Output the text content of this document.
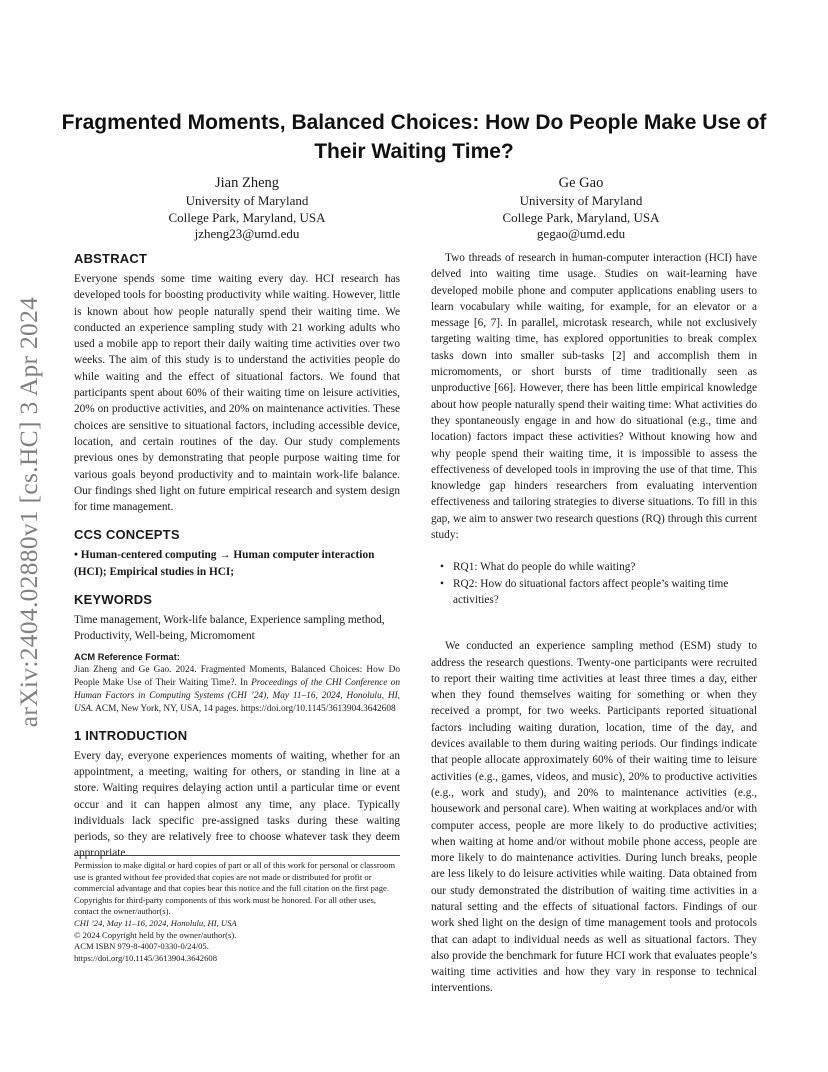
arXiv:2404.02880v1 [cs.HC] 3 Apr 2024
Fragmented Moments, Balanced Choices: How Do People Make Use of Their Waiting Time?
Jian Zheng
University of Maryland
College Park, Maryland, USA
jzheng23@umd.edu
Ge Gao
University of Maryland
College Park, Maryland, USA
gegao@umd.edu
ABSTRACT

Everyone spends some time waiting every day. HCI research has developed tools for boosting productivity while waiting. However, little is known about how people naturally spend their waiting time. We conducted an experience sampling study with 21 working adults who used a mobile app to report their daily waiting time activities over two weeks. The aim of this study is to understand the activities people do while waiting and the effect of situational factors. We found that participants spent about 60% of their waiting time on leisure activities, 20% on productive activities, and 20% on maintenance activities. These choices are sensitive to situational factors, including accessible device, location, and certain routines of the day. Our study complements previous ones by demonstrating that people purpose waiting time for various goals beyond productivity and to maintain work-life balance. Our findings shed light on future empirical research and system design for time management.

CCS CONCEPTS

• Human-centered computing → Human computer interaction (HCI); Empirical studies in HCI;

KEYWORDS

Time management, Work-life balance, Experience sampling method, Productivity, Well-being, Micromoment

ACM Reference Format:

Jian Zheng and Ge Gao. 2024. Fragmented Moments, Balanced Choices: How Do People Make Use of Their Waiting Time?. In Proceedings of the CHI Conference on Human Factors in Computing Systems (CHI ’24), May 11–16, 2024, Honolulu, HI, USA. ACM, New York, NY, USA, 14 pages. https://doi.org/10.1145/3613904.3642608

1 INTRODUCTION

Every day, everyone experiences moments of waiting, whether for an appointment, a meeting, waiting for others, or standing in line at a store. Waiting requires delaying action until a particular time or event occur and it can happen almost any time, any place. Typically individuals lack specific pre-assigned tasks during these waiting periods, so they are relatively free to choose whatever task they deem appropriate.

Permission to make digital or hard copies of part or all of this work for personal or classroom use is granted without fee provided that copies are not made or distributed for profit or commercial advantage and that copies bear this notice and the full citation on the first page. Copyrights for third-party components of this work must be honored. For all other uses, contact the owner/author(s).

CHI ’24, May 11–16, 2024, Honolulu, HI, USA

© 2024 Copyright held by the owner/author(s).

ACM ISBN 979-8-4007-0330-0/24/05.

https://doi.org/10.1145/3613904.3642608

Two threads of research in human-computer interaction (HCI) have delved into waiting time usage. Studies on wait-learning have developed mobile phone and computer applications enabling users to learn vocabulary while waiting, for example, for an elevator or a message [6, 7]. In parallel, microtask research, while not exclusively targeting waiting time, has explored opportunities to break complex tasks down into smaller sub-tasks [2] and accomplish them in micromoments, or short bursts of time traditionally seen as unproductive [66]. However, there has been little empirical knowledge about how people naturally spend their waiting time: What activities do they spontaneously engage in and how do situational (e.g., time and location) factors impact these activities? Without knowing how and why people spend their waiting time, it is impossible to assess the effectiveness of developed tools in improving the use of that time. This knowledge gap hinders researchers from evaluating intervention effectiveness and tailoring strategies to diverse situations. To fill in this gap, we aim to answer two research questions (RQ) through this current study:

• RQ1: What do people do while waiting?
• RQ2: How do situational factors affect people’s waiting time activities?

We conducted an experience sampling method (ESM) study to address the research questions. Twenty-one participants were recruited to report their waiting time activities at least three times a day, either when they found themselves waiting for something or when they received a prompt, for two weeks. Participants reported situational factors including waiting duration, location, time of the day, and devices available to them during waiting periods. Our findings indicate that people allocate approximately 60% of their waiting time to leisure activities (e.g., games, videos, and music), 20% to productive activities (e.g., work and study), and 20% to maintenance activities (e.g., housework and personal care). When waiting at workplaces and/or with computer access, people are more likely to do productive activities; when waiting at home and/or without mobile phone access, people are more likely to do maintenance activities. During lunch breaks, people are less likely to do leisure activities while waiting. Data obtained from our study demonstrated the distribution of waiting time activities in a natural setting and the effects of situational factors. Findings of our work shed light on the design of time management tools and protocols that can adapt to individual needs as well as situational factors. They also provide the benchmark for future HCI work that evaluates people’s waiting time activities and how they vary in response to technical interventions.
